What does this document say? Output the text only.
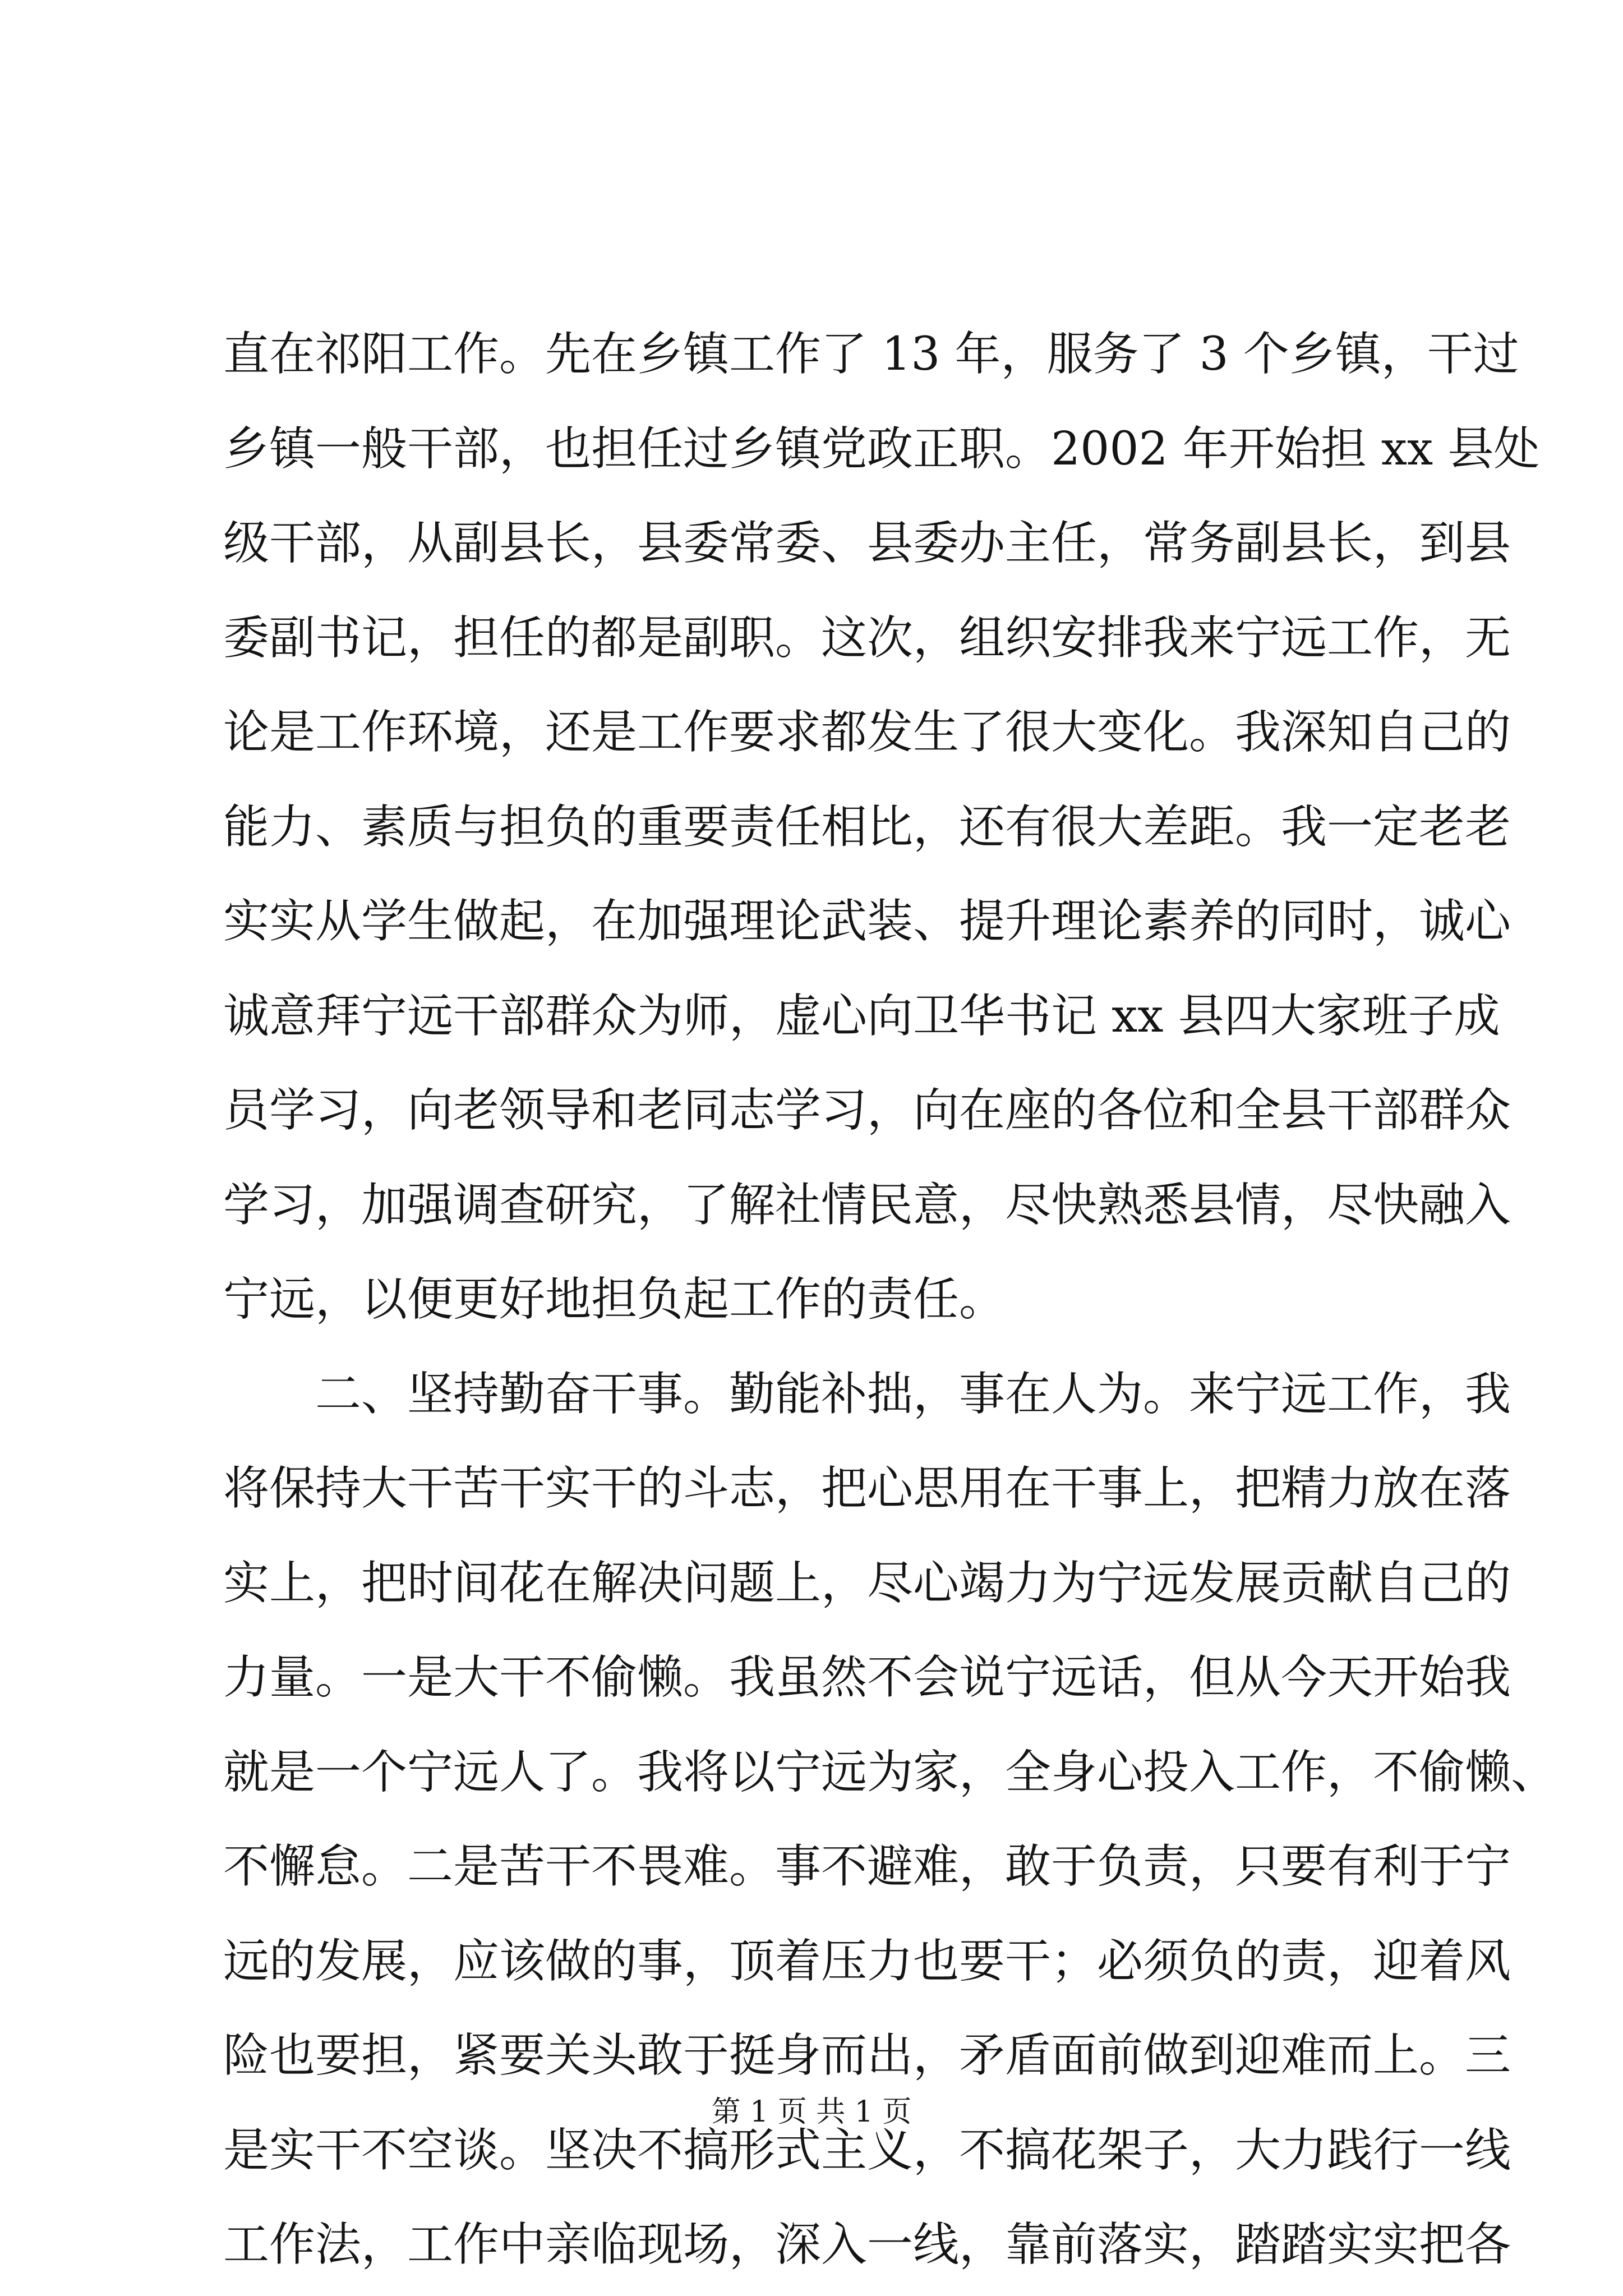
直在祁阳工作。先在乡镇工作了 13 年，服务了 3 个乡镇，干过
乡镇一般干部，也担任过乡镇党政正职。2002 年开始担 xx 县处
级干部，从副县长，县委常委、县委办主任，常务副县长，到县
委副书记，担任的都是副职。这次，组织安排我来宁远工作，无
论是工作环境，还是工作要求都发生了很大变化。我深知自己的
能力、素质与担负的重要责任相比，还有很大差距。我一定老老
实实从学生做起，在加强理论武装、提升理论素养的同时，诚心
诚意拜宁远干部群众为师，虚心向卫华书记 xx 县四大家班子成
员学习，向老领导和老同志学习，向在座的各位和全县干部群众
学习，加强调查研究，了解社情民意，尽快熟悉县情，尽快融入
宁远，以便更好地担负起工作的责任。
　　二、坚持勤奋干事。勤能补拙，事在人为。来宁远工作，我
将保持大干苦干实干的斗志，把心思用在干事上，把精力放在落
实上，把时间花在解决问题上，尽心竭力为宁远发展贡献自己的
力量。一是大干不偷懒。我虽然不会说宁远话，但从今天开始我
就是一个宁远人了。我将以宁远为家，全身心投入工作，不偷懒、
不懈怠。二是苦干不畏难。事不避难，敢于负责，只要有利于宁
远的发展，应该做的事，顶着压力也要干；必须负的责，迎着风
险也要担，紧要关头敢于挺身而出，矛盾面前做到迎难而上。三
是实干不空谈。坚决不搞形式主义，不搞花架子，大力践行一线
工作法，工作中亲临现场，深入一线，靠前落实，踏踏实实把各
第 1 页 共 1 页
